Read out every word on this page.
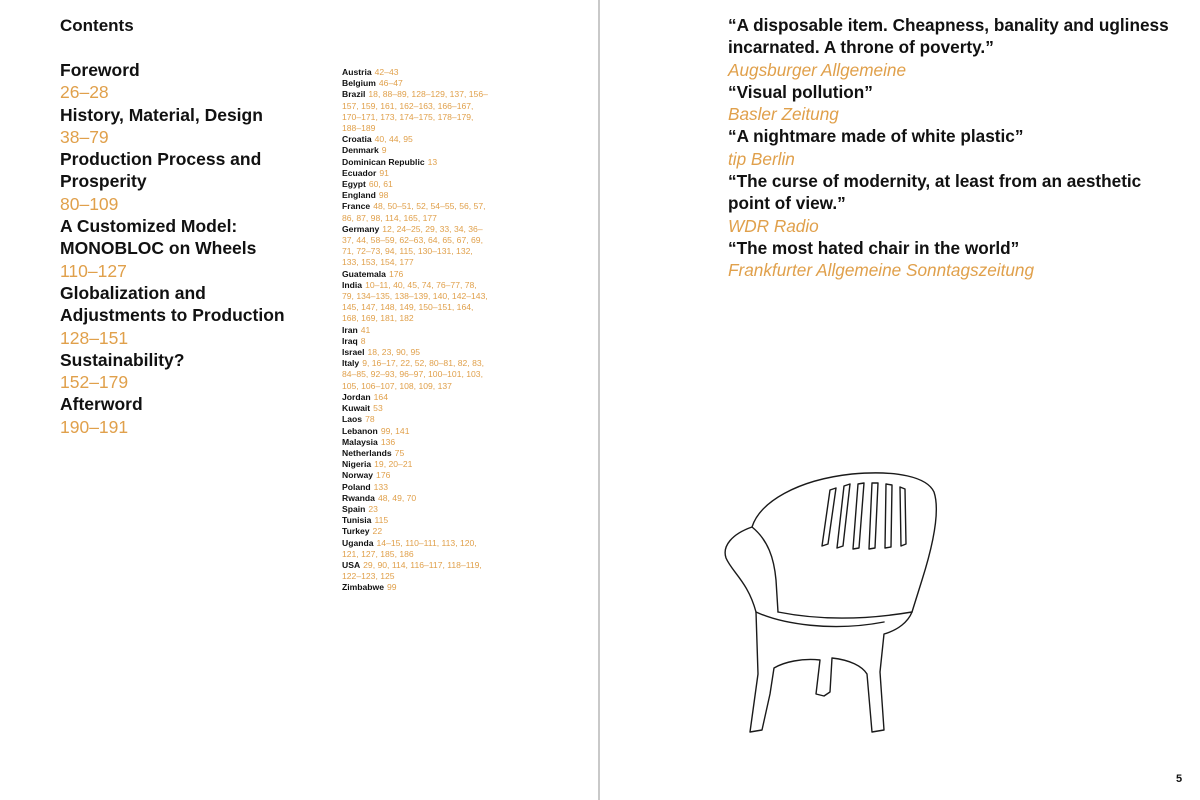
Contents
Foreword
26–28
History, Material, Design
38–79
Production Process and Prosperity
80–109
A Customized Model: MONOBLOC on Wheels
110–127
Globalization and Adjustments to Production
128–151
Sustainability?
152–179
Afterword
190–191
Austria 42–43
Belgium 46–47
Brazil 18, 88–89, 128–129, 137, 156–157, 159, 161, 162–163, 166–167, 170–171, 173, 174–175, 178–179, 188–189
Croatia 40, 44, 95
Denmark 9
Dominican Republic 13
Ecuador 91
Egypt 60, 61
England 98
France 48, 50–51, 52, 54–55, 56, 57, 86, 87, 98, 114, 165, 177
Germany 12, 24–25, 29, 33, 34, 36–37, 44, 58–59, 62–63, 64, 65, 67, 69, 71, 72–73, 94, 115, 130–131, 132, 133, 153, 154, 177
Guatemala 176
India 10–11, 40, 45, 74, 76–77, 78, 79, 134–135, 138–139, 140, 142–143, 145, 147, 148, 149, 150–151, 164, 168, 169, 181, 182
Iran 41
Iraq 8
Israel 18, 23, 90, 95
Italy 9, 16–17, 22, 52, 80–81, 82, 83, 84–85, 92–93, 96–97, 100–101, 103, 105, 106–107, 108, 109, 137
Jordan 164
Kuwait 53
Laos 78
Lebanon 99, 141
Malaysia 136
Netherlands 75
Nigeria 19, 20–21
Norway 176
Poland 133
Rwanda 48, 49, 70
Spain 23
Tunisia 115
Turkey 22
Uganda 14–15, 110–111, 113, 120, 121, 127, 185, 186
USA 29, 90, 114, 116–117, 118–119, 122–123, 125
Zimbabwe 99
“A disposable item. Cheapness, banality and ugliness incarnated. A throne of poverty.”
Augsburger Allgemeine
“Visual pollution”
Basler Zeitung
“A nightmare made of white plastic”
tip Berlin
“The curse of modernity, at least from an aesthetic point of view.”
WDR Radio
“The most hated chair in the world”
Frankfurter Allgemeine Sonntagszeitung
5
